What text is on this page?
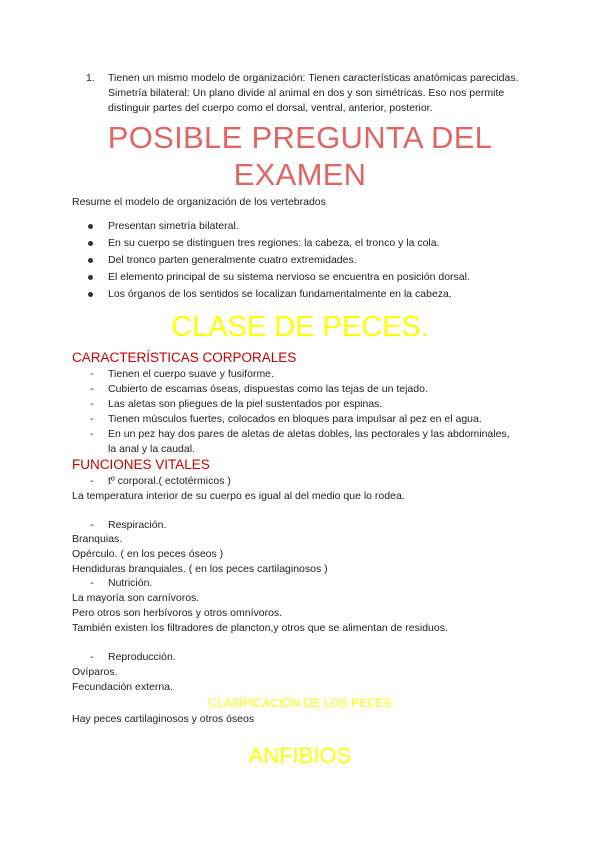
1. Tienen un mismo modelo de organización: Tienen características anatómicas parecidas. Simetría bilateral: Un plano divide al animal en dos y son simétricas. Eso nos permite distinguir partes del cuerpo como el dorsal, ventral, anterior, posterior.
POSIBLE PREGUNTA DEL
EXAMEN
Resume el modelo de organización de los vertebrados
Presentan simetría bilateral.
En su cuerpo se distinguen tres regiones: la cabeza, el tronco y la cola.
Del tronco parten generalmente cuatro extremidades.
El elemento principal de su sistema nervioso se encuentra en posición dorsal.
Los órganos de los sentidos se localizan fundamentalmente en la cabeza.
CLASE DE PECES.
CARACTERÍSTICAS CORPORALES
- Tienen el cuerpo suave y fusiforme.
- Cubierto de escamas óseas, dispuestas como las tejas de un tejado.
- Las aletas son pliegues de la piel sustentados por espinas.
- Tienen músculos fuertes, colocados en bloques para impulsar al pez en el agua.
- En un pez hay dos pares de aletas de aletas dobles, las pectorales y las abdominales, la anal y la caudal.
FUNCIONES VITALES
- tº corporal.( ectotérmicos )
La temperatura interior de su cuerpo es igual al del medio que lo rodea.
- Respiración.
Branquias.
Opérculo. ( en los peces óseos )
Hendiduras branquiales. ( en los peces cartilaginosos )
- Nutrición.
La mayoría son carnívoros.
Pero otros son herbívoros y otros omnívoros.
También existen los filtradores de plancton,y otros que se alimentan de residuos.
- Reproducción.
Ovíparos.
Fecundación externa.
CLASIFICACIÓN DE LOS PECES
Hay peces cartilaginosos y otros óseos
ANFIBIOS
